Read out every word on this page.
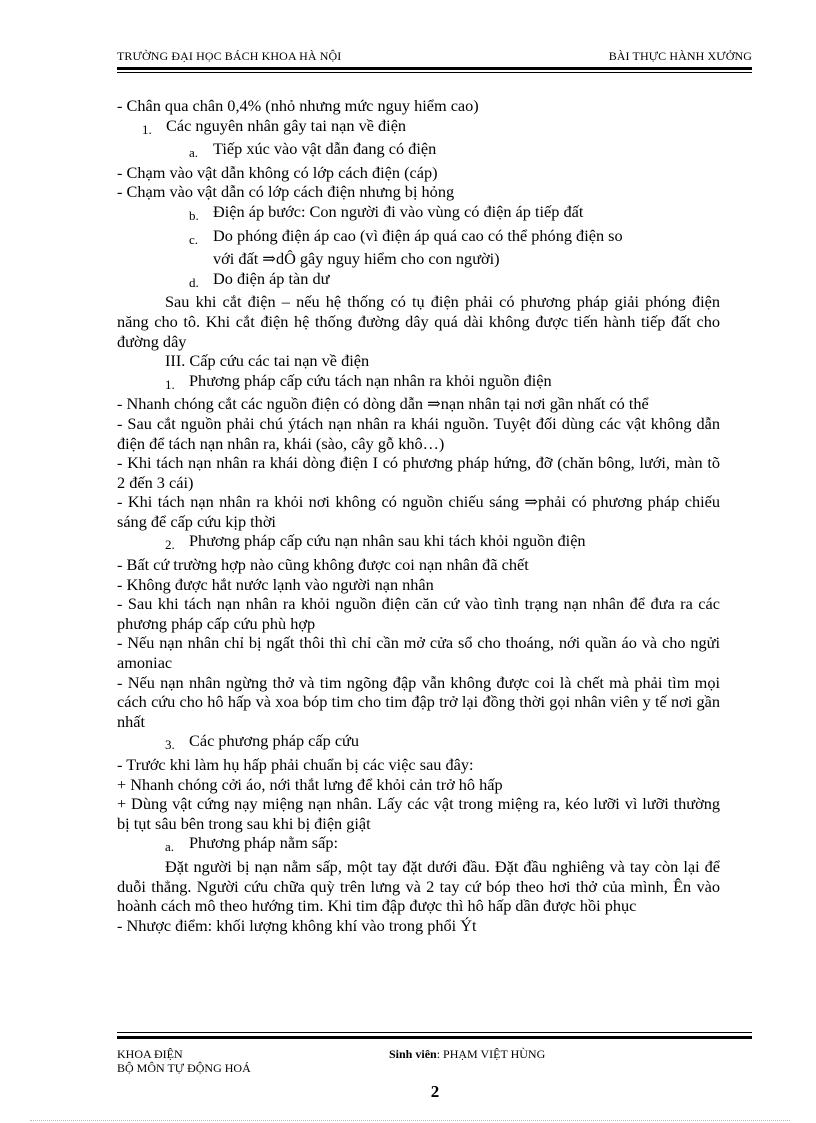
TRƯỜNG ĐẠI HỌC BÁCH KHOA HÀ NỘI	BÀI THỰC HÀNH XƯỞNG
- Chân qua chân 0,4% (nhỏ nhưng mức nguy hiểm cao)
1. Các nguyên nhân gây tai nạn về điện
a. Tiếp xúc vào vật dẫn đang có điện
- Chạm vào vật dẫn không có lớp cách điện (cáp)
- Chạm vào vật dẫn có lớp cách điện nhưng bị hỏng
b. Điện áp bước: Con người đi vào vùng có điện áp tiếp đất
c. Do phóng điện áp cao (vì điện áp quá cao có thể phóng điện so
với đất ⇒dÔ gây nguy hiểm cho con người)
d. Do điện áp tàn dư
Sau khi cắt điện – nếu hệ thống có tụ điện phải có phương pháp giải phóng điện năng cho tô. Khi cắt điện hệ thống đường dây quá dài không được tiến hành tiếp đất cho đường dây
III. Cấp cứu các tai nạn về điện
1. Phương pháp cấp cứu tách nạn nhân ra khỏi nguồn điện
- Nhanh chóng cắt các nguồn điện có dòng dẫn ⇒nạn nhân tại nơi gần nhất có thể
- Sau cắt nguồn phải chú ýtách nạn nhân ra khái nguồn. Tuyệt đối dùng các vật không dẫn điện để tách nạn nhân ra, khái (sào, cây gỗ khô…)
- Khi tách nạn nhân ra khái dòng điện I có phương pháp hứng, đỡ (chăn bông, lưới, màn tõ 2 đến 3 cái)
- Khi tách nạn nhân ra khỏi nơi không có nguồn chiếu sáng ⇒phải có phương pháp chiếu sáng để cấp cứu kịp thời
2. Phương pháp cấp cứu nạn nhân sau khi tách khỏi nguồn điện
- Bất cứ trường hợp nào cũng không được coi nạn nhân đã chết
- Không được hắt nước lạnh vào người nạn nhân
- Sau khi tách nạn nhân ra khỏi nguồn điện căn cứ vào tình trạng nạn nhân để đưa ra các phương pháp cấp cứu phù hợp
- Nếu nạn nhân chỉ bị ngất thôi thì chỉ cần mở cửa sổ cho thoáng, nới quần áo và cho ngửi amoniac
- Nếu nạn nhân ngừng thở và tim ngõng đập vẫn không được coi là chết mà phải tìm mọi cách cứu cho hô hấp và xoa bóp tim cho tim đập trở lại đồng thời gọi nhân viên y tế nơi gần nhất
3. Các phương pháp cấp cứu
- Trước khi làm hụ hấp phải chuẩn bị các việc sau đây:
+ Nhanh chóng cởi áo, nới thắt lưng để khỏi cản trở hô hấp
+ Dùng vật cứng nạy miệng nạn nhân. Lấy các vật trong miệng ra, kéo lưỡi vì lưỡi thường bị tụt sâu bên trong sau khi bị điện giật
a. Phương pháp nằm sấp:
Đặt người bị nạn nằm sấp, một tay đặt dưới đầu. Đặt đầu nghiêng và tay còn lại để duỗi thẳng. Người cứu chữa quỳ trên lưng và 2 tay cứ bóp theo hơi thở của mình, Ên vào hoành cách mô theo hướng tim. Khi tim đập được thì hô hấp dần được hồi phục
- Nhược điểm: khối lượng không khí vào trong phổi Ýt
KHOA ĐIỆN
BỘ MÔN TỰ ĐỘNG HOÁ
Sinh viên: PHẠM VIỆT HÙNG
2
